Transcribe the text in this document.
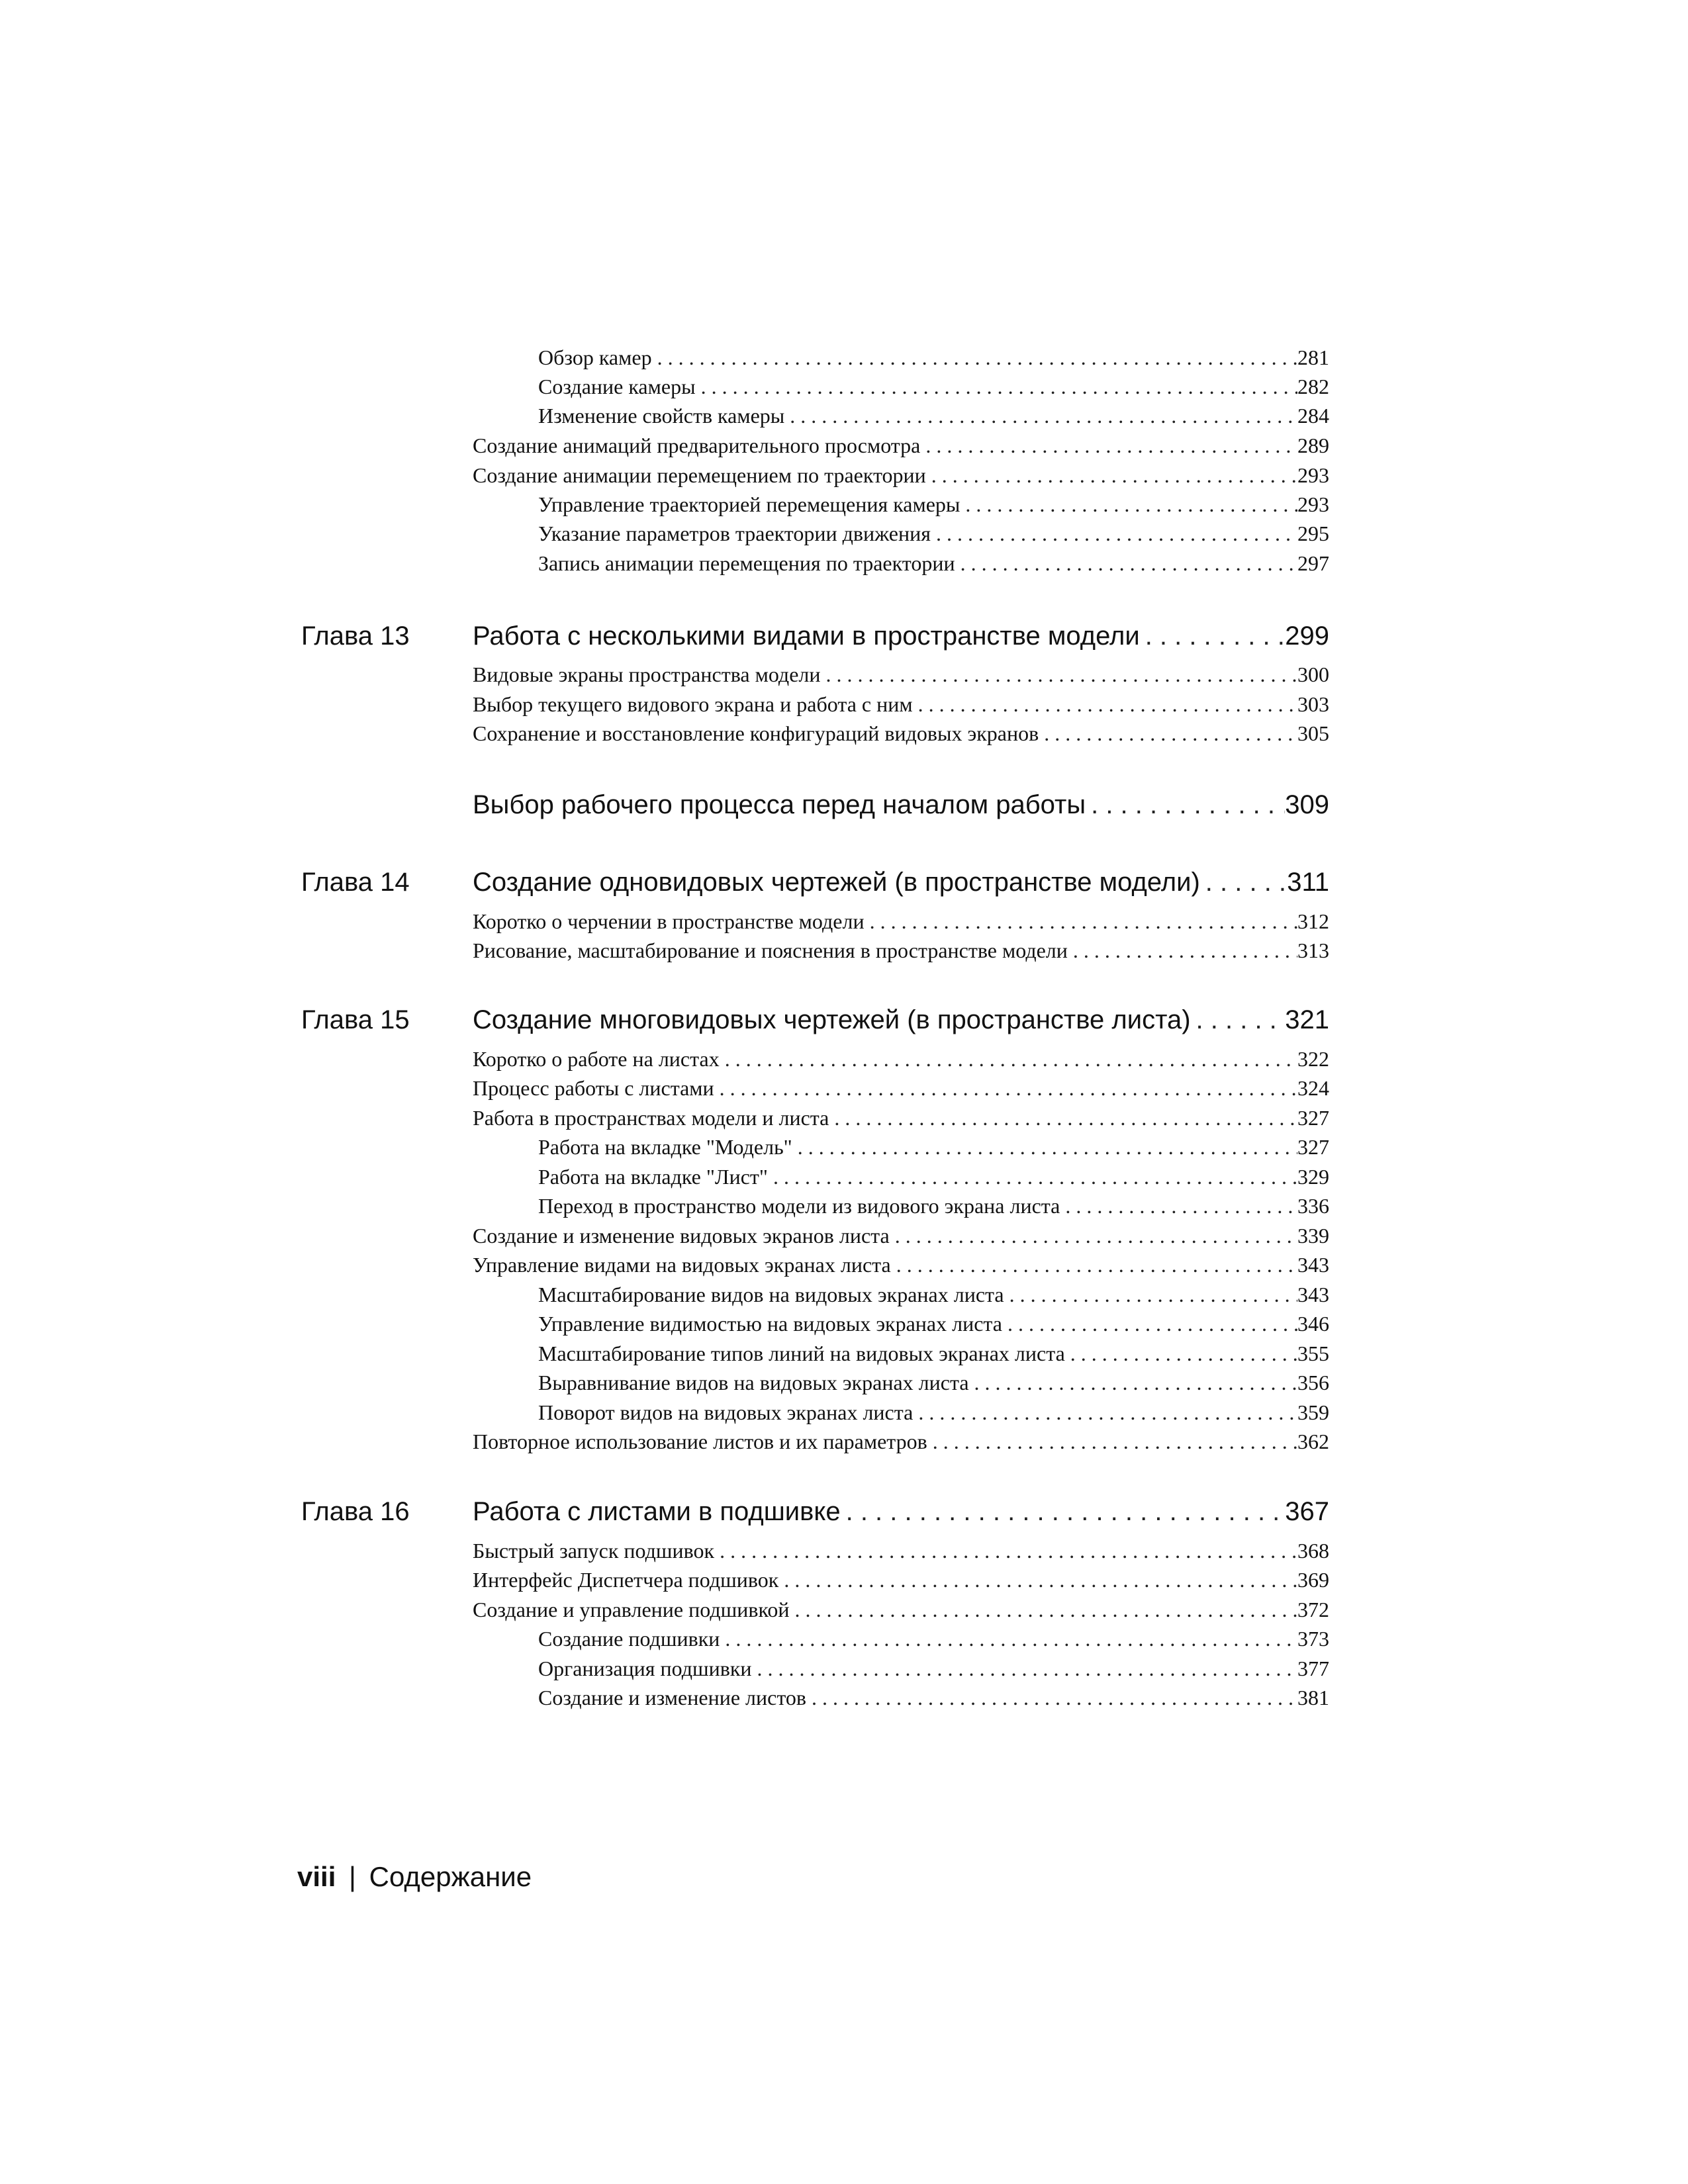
Обзор камер . . .	281
Создание камеры . . .	282
Изменение свойств камеры . . .	284
Создание анимаций предварительного просмотра . . .	289
Создание анимации перемещением по траектории . . .	293
Управление траекторией перемещения камеры . . .	293
Указание параметров траектории движения . . .	295
Запись анимации перемещения по траектории . . .	297
Глава 13 Работа с несколькими видами в пространстве модели . . .	299
Видовые экраны пространства модели . . .	300
Выбор текущего видового экрана и работа с ним . . .	303
Сохранение и восстановление конфигураций видовых экранов . . .	305
Выбор рабочего процесса перед началом работы . . .	309
Глава 14 Создание одновидовых чертежей (в пространстве модели) . . .	311
Коротко о черчении в пространстве модели . . .	312
Рисование, масштабирование и пояснения в пространстве модели . . .	313
Глава 15 Создание многовидовых чертежей (в пространстве листа) . . .	321
Коротко о работе на листах . . .	322
Процесс работы с листами . . .	324
Работа в пространствах модели и листа . . .	327
Работа на вкладке "Модель" . . .	327
Работа на вкладке "Лист" . . .	329
Переход в пространство модели из видового экрана листа . . .	336
Создание и изменение видовых экранов листа . . .	339
Управление видами на видовых экранах листа . . .	343
Масштабирование видов на видовых экранах листа . . .	343
Управление видимостью на видовых экранах листа . . .	346
Масштабирование типов линий на видовых экранах листа . . .	355
Выравнивание видов на видовых экранах листа . . .	356
Поворот видов на видовых экранах листа . . .	359
Повторное использование листов и их параметров . . .	362
Глава 16 Работа с листами в подшивке . . .	367
Быстрый запуск подшивок . . .	368
Интерфейс Диспетчера подшивок . . .	369
Создание и управление подшивкой . . .	372
Создание подшивки . . .	373
Организация подшивки . . .	377
Создание и изменение листов . . .	381
viii | Содержание
